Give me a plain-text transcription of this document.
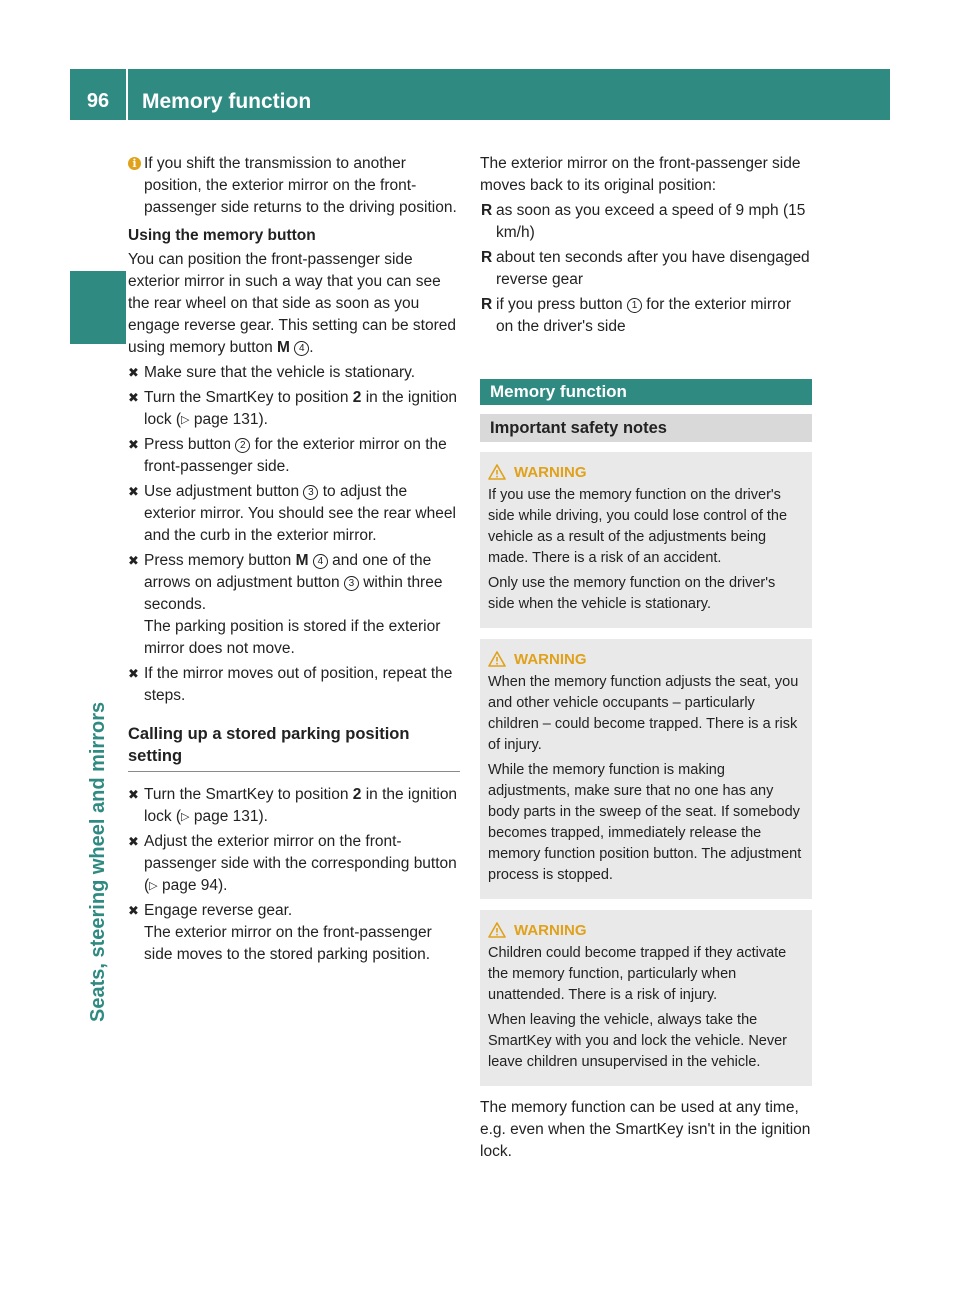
96	Memory function
Seats, steering wheel and mirrors
i If you shift the transmission to another position, the exterior mirror on the front-passenger side returns to the driving position.
Using the memory button

You can position the front-passenger side exterior mirror in such a way that you can see the rear wheel on that side as soon as you engage reverse gear. This setting can be stored using memory button M 4 .

✖ Make sure that the vehicle is stationary.
✖ Turn the SmartKey to position 2 in the ignition lock (▷ page 131).
✖ Press button 2 for the exterior mirror on the front-passenger side.
✖ Use adjustment button 3 to adjust the exterior mirror. You should see the rear wheel and the curb in the exterior mirror.
✖ Press memory button M 4 and one of the arrows on adjustment button 3 within three seconds.
The parking position is stored if the exterior mirror does not move.
✖ If the mirror moves out of position, repeat the steps.
Calling up a stored parking position setting
✖ Turn the SmartKey to position 2 in the ignition lock (▷ page 131).
✖ Adjust the exterior mirror on the front-passenger side with the corresponding button (▷ page 94).
✖ Engage reverse gear.
The exterior mirror on the front-passenger side moves to the stored parking position.

The exterior mirror on the front-passenger side moves back to its original position:

R as soon as you exceed a speed of 9 mph (15 km/h)
R about ten seconds after you have disengaged reverse gear
R if you press button 1 for the exterior mirror on the driver's side
Memory function
Important safety notes
WARNING

If you use the memory function on the driver's side while driving, you could lose control of the vehicle as a result of the adjustments being made. There is a risk of an accident.

Only use the memory function on the driver's side when the vehicle is stationary.

WARNING

When the memory function adjusts the seat, you and other vehicle occupants – particularly children – could become trapped. There is a risk of injury.

While the memory function is making adjustments, make sure that no one has any body parts in the sweep of the seat. If somebody becomes trapped, immediately release the memory function position button. The adjustment process is stopped.

WARNING

Children could become trapped if they activate the memory function, particularly when unattended. There is a risk of injury.

When leaving the vehicle, always take the SmartKey with you and lock the vehicle. Never leave children unsupervised in the vehicle.

The memory function can be used at any time, e.g. even when the SmartKey isn't in the ignition lock.
